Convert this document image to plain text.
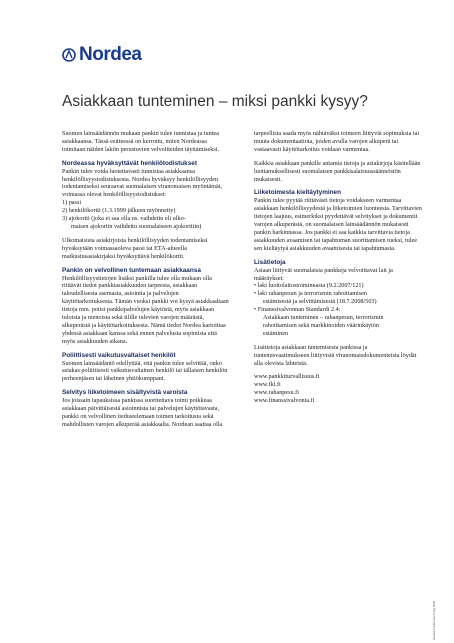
Nordea
Asiakkaan tunteminen – miksi pankki kysyy?

Suomen lainsäädännön mukaan pankin tulee tunnistaa ja tuntea asiakkaansa. Tässä esitteessä on kerrottu, miten Nordeassa toimitaan näiden lakiin perustuvien velvoitteiden täyttämiseksi.

Nordeassa hyväksyttävät henkilötodistukset

Pankin tulee voida luotettavasti tunnistaa asiakkaansa henkilöllisyystodistuksesta. Nordea hyväksyy henkilöllisyyden todentamiseksi seuraavat suomalaisen viranomaisen myöntämät, voimassa olevat henkilöllisyystodistukset:

1) passi
2) henkilökortti (1.3.1999 jälkeen myönnetty)
3) ajokortti (joka ei saa olla ns. vaihdettu eli ulko-
maisen ajokortin vaihdettu suomalaiseen ajokorttiin)

Ulkomaisista asiakirjoista henkilöllisyyden todentamiseksi hyväksytään voimassaoleva passi tai ETA-alueella matkustusasiakirjaksi hyväksyttävä henkilökortti.

Pankin on velvollinen tuntemaan asiakkaansa

Henkilöllisyystietojen lisäksi pankilla tulee olla mukaan olla riittävät tiedot pankkiasiakkuuden tarpeesta, asiakkaan taloudellisesta asemasta, asiointia ja palvelujen käyttötarkoituksesta. Tämän vuoksi pankki voi kysyä asiakkaaltaan tietoja mm. poitsi pankkipalvelujen käytöstä, myös asiakkaan tuloista ja menoista sekä tilille tulevien varojen määrästä, alkuperästä ja käyttötarkoituksesta. Nämä tiedot Nordea kartoittaa yhdessä asiakkaan kanssa sekä ennen palvelusta sopimista että myös asiakkuuden aikana.

Poliittisesti vaikutusvaltaiset henkilöt

Suomen lainsäädäntö edellyttää, että pankin tulee selvittää, onko asiakas poliittisesti vaikutusvaltainen henkilö tai tällaisen henkilön perheenjäsen tai läheinen yhtiökumppani.

Selvitys liiketoimeen sisältyvistä varoista

Jos joissain tapauksissa pankissa suoritettava toimi poikkeaa asiakkaan päivittäisestä asioinnista tai palvelujen käyttötavasta, pankki on velvollinen tiedustelemaan toimen tarkoitusta sekä mahdollisten varojen alkuperää asiakkaalta. Nordean saattaa olla

tarpeellista saada myös nähtäväksi toimeen liittyviä sopimuksia tai muuta dokumentaatiota, joiden avulla varojen alkuperä tai vastaavasti käyttötarkoitus voidaan varmentaa.

Kaikkia asiakkaan pankille antamia tietoja ja asiakirjoja käsitellään luottamuksellisesti suomalaisen pankkisalaisuussäännöstön mukaisesti.

Liiketoimesta kieltäytyminen

Pankin tulee pyytää riittävästi tietoja voidakseen varmentaa asiakkaan henkilöllisyydestä ja liiketoimien luonteesta. Tarvittavien tietojen laajuus, esimerkiksi pyydettävät selvitykset ja dokumentit varojen alkuperästä, on suomalaisen lainsäädännön mukaisesti pankin harkinnassa. Jos pankki ei saa kaikkia tarvittavia tietoja asiakkuuden avaamisen tai tapahtuman suorittamisen tueksi, tulee sen kieltäytyä asiakkuuden avaamisesta tai tapahtumasta.

Lisätietoja

Asiaan liittyvät suomalaisia pankkeja velvoittavat lait ja määräykset:

• laki luottolaitostoiminnasta (9.2.2007/121)
• laki rahanpesun ja terrorismin rahoittamisen
estämisestä ja selvittämisestä (18.7.2008/503)
• Finanssivalvonnan Standardi 2.4:
Asiakkaan tunteminen – rahanpesun, terrorismin
rahoittamisen sekä markkinoiden väärinkäytön
estäminen

Lisätietoja asiakkaan tuntemisesta pankissa ja tuntemisvaatimukseen liittyvistä viranomaisdokumenteista löydät alla olevista lähteistä.

www.pankkiturvallisuus.fi
www.fkl.fi
www.rahanpesu.fi
www.finanssivalvonta.fi
Nordea Pankki Suomi Oyj 08/11
